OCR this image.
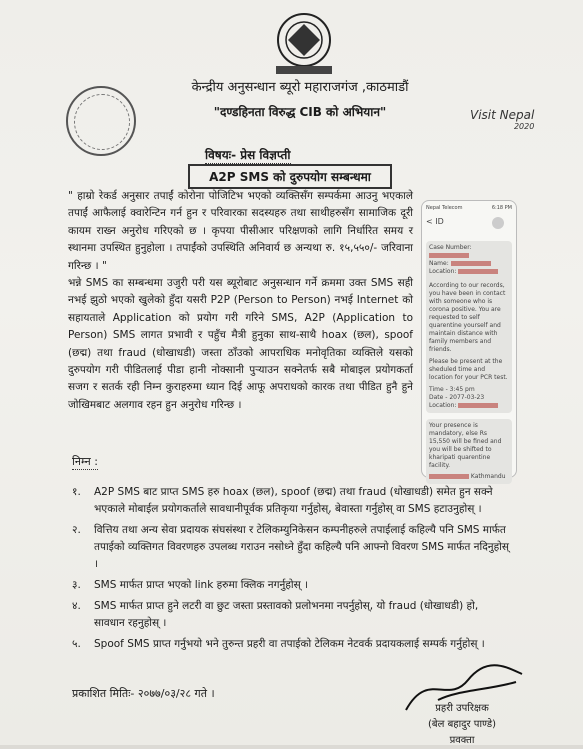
केन्द्रीय अनुसन्धान ब्यूरो महाराजगंज ,काठमाडौं
"दण्डहिनता विरुद्ध CIB को अभियान"	Visit Nepal
2020
विषयः- प्रेस विज्ञप्ती
A2P SMS को दुरुपयोग सम्बन्धमा

" हाम्रो रेकर्ड अनुसार तपाईं कोरोना पोजिटिभ भएको व्यक्तिसँग सम्पर्कमा आउनु भएकाले तपाईं आफैलाई क्वारेन्टिन गर्न हुन र परिवारका सदस्यहरु तथा साथीहरुसँग सामाजिक दूरी कायम राख्न अनुरोध गरिएको छ । कृपया पीसीआर परिक्षणको लागि निर्धारित समय र स्थानमा उपस्थित हुनुहोला । तपाईंको उपस्थिति अनिवार्य छ अन्यथा रु. १५,५५०/- जरिवाना गरिन्छ । "

भन्ने SMS का सम्बन्धमा उजुरी परी यस ब्यूरोबाट अनुसन्धान गर्ने क्रममा उक्त SMS सही नभई झुठो भएको खुलेको हुँदा यसरी P2P (Person to Person) नभई Internet को सहायताले Application को प्रयोग गरी गरिने SMS, A2P (Application to Person) SMS लागत प्रभावी र पहुँच मैत्री हुनुका साथ-साथै hoax (छल), spoof (छद्म) तथा fraud (धोखाधडी) जस्ता ठाँउको आपराधिक मनोवृतिका व्यक्तिले यसको दुरुपयोग गरी पीडितलाई पीडा हानी नोक्सानी पुऱ्याउन सक्नेतर्फ सबै मोबाइल प्रयोगकर्ता सजग र सतर्क रही निम्न कुराहरुमा ध्यान दिई आफू अपराधको कारक तथा पीडित हुनै हुने जोखिमबाट अलगाव रहन हुन अनुरोध गरिन्छ ।

Nepal Telecom	6:18 PM
< ID
Case Number:
Name:
Location:
According to our records, you have been in contact with someone who is corona positive. You are requested to self quarentine yourself and maintain distance with family members and friends.
Please be present at the sheduled time and location for your PCR test.
Time - 3:45 pm
Date - 2077-03-23
Location:
Your presence is mandatory, else Rs 15,550 will be fined and you will be shifted to kharipati quarentine facility.
Kathmandu
निम्न :
१.	A2P SMS बाट प्राप्त SMS हरु hoax (छल), spoof (छद्म) तथा fraud (धोखाधडी) समेत हुन सक्ने भएकाले मोबाईल प्रयोगकर्ताले सावधानीपूर्वक प्रतिकृया गर्नुहोस्, बेवास्ता गर्नुहोस् वा SMS हटाउनुहोस् ।
२.	वित्तिय तथा अन्य सेवा प्रदायक संघसंस्था र टेलिकम्युनिकेसन कम्पनीहरुले तपाईलाई कहिल्यै पनि SMS मार्फत तपाईको व्यक्तिगत विवरणहरु उपलब्ध गराउन नसोध्ने हुँदा कहिल्यै पनि आफ्नो विवरण SMS मार्फत नदिनुहोस् ।
३.	SMS मार्फत प्राप्त भएको link हरुमा क्लिक नगर्नुहोस् ।
४.	SMS मार्फत प्राप्त हुने लटरी वा छुट जस्ता प्रस्तावको प्रलोभनमा नपर्नुहोस्, यो fraud (धोखाधडी) हो, सावधान रहनुहोस् ।
५.	Spoof SMS प्राप्त गर्नुभयो भने तुरुन्त प्रहरी वा तपाईको टेलिकम नेटवर्क प्रदायकलाई सम्पर्क गर्नुहोस् ।
प्रकाशित मितिः- २०७७/०३/२८ गते ।
प्रहरी उपरिक्षक
(बेल बहादुर पाण्डे)
प्रवक्ता
